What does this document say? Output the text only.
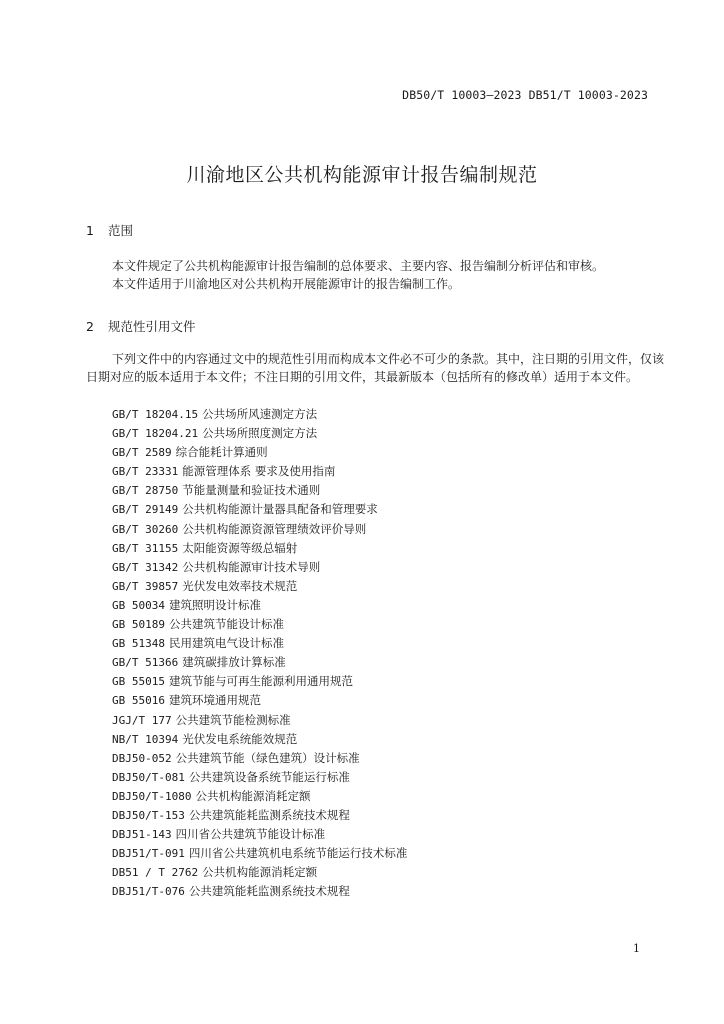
DB50/T 10003—2023 DB51/T 10003-2023
川渝地区公共机构能源审计报告编制规范
1 范围

本文件规定了公共机构能源审计报告编制的总体要求、主要内容、报告编制分析评估和审核。

本文件适用于川渝地区对公共机构开展能源审计的报告编制工作。

2 规范性引用文件

下列文件中的内容通过文中的规范性引用而构成本文件必不可少的条款。其中，注日期的引用文件，仅该日期对应的版本适用于本文件；不注日期的引用文件，其最新版本（包括所有的修改单）适用于本文件。

GB/T 18204.15 公共场所风速测定方法
GB/T 18204.21 公共场所照度测定方法
GB/T 2589 综合能耗计算通则
GB/T 23331 能源管理体系 要求及使用指南
GB/T 28750 节能量测量和验证技术通则
GB/T 29149 公共机构能源计量器具配备和管理要求
GB/T 30260 公共机构能源资源管理绩效评价导则
GB/T 31155 太阳能资源等级总辐射
GB/T 31342 公共机构能源审计技术导则
GB/T 39857 光伏发电效率技术规范
GB 50034 建筑照明设计标准
GB 50189 公共建筑节能设计标准
GB 51348 民用建筑电气设计标准
GB/T 51366 建筑碳排放计算标准
GB 55015 建筑节能与可再生能源利用通用规范
GB 55016 建筑环境通用规范
JGJ/T 177 公共建筑节能检测标准
NB/T 10394 光伏发电系统能效规范
DBJ50-052 公共建筑节能（绿色建筑）设计标准
DBJ50/T-081 公共建筑设备系统节能运行标准
DBJ50/T-1080 公共机构能源消耗定额
DBJ50/T-153 公共建筑能耗监测系统技术规程
DBJ51-143 四川省公共建筑节能设计标准
DBJ51/T-091 四川省公共建筑机电系统节能运行技术标准
DB51 / T 2762 公共机构能源消耗定额
DBJ51/T-076 公共建筑能耗监测系统技术规程
1
